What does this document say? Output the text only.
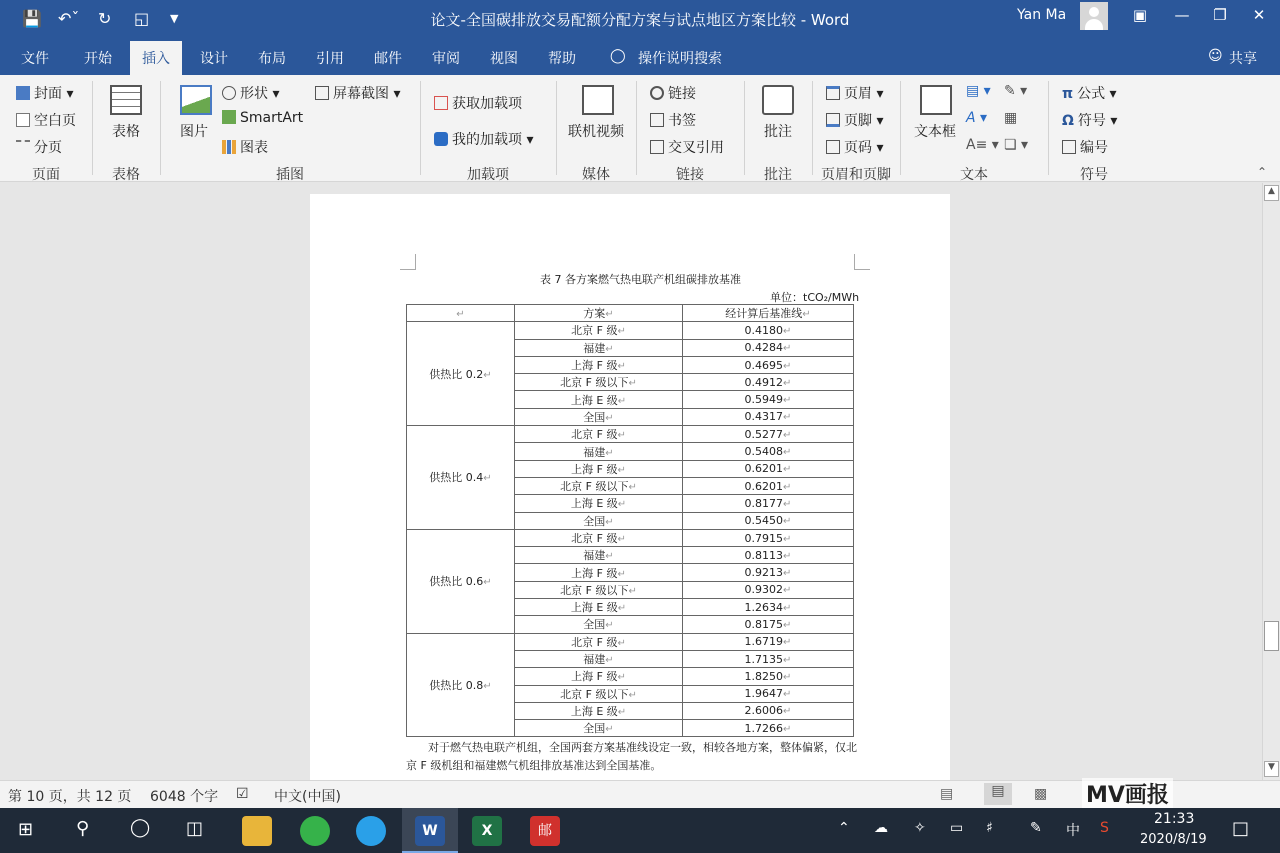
💾 ↶ˇ ↻ ◱ ▼	论文-全国碳排放交易配额分配方案与试点地区方案比较 - Word	Yan Ma	▣ — ❐ ✕
文件	开始	插入	设计 布局 引用 邮件 审阅 视图 帮助 ◯ 操作说明搜索	☺ 共享
封面 ▾
空白页
分页
页面
表格
表格
图片
形状 ▾
SmartArt
图表
屏幕截图 ▾
插图
获取加载项
我的加载项 ▾
加载项
联机视频
媒体
链接
书签
交叉引用
链接
批注
批注
页眉 ▾
页脚 ▾
页码 ▾
页眉和页脚
文本框
▤ ▾
A ▾
A≡ ▾
✎ ▾
▦
❏ ▾
文本
π 公式 ▾
Ω 符号 ▾
编号
符号	⌃
▲
▼
表 7 各方案燃气热电联产机组碳排放基准
单位：tCO₂/MWh
↵	方案↵	经计算后基准线↵
供热比 0.2↵	北京 F 级↵	0.4180↵
	福建↵	0.4284↵
	上海 F 级↵	0.4695↵
	北京 F 级以下↵	0.4912↵
	上海 E 级↵	0.5949↵
	全国↵	0.4317↵
供热比 0.4↵	北京 F 级↵	0.5277↵
	福建↵	0.5408↵
	上海 F 级↵	0.6201↵
	北京 F 级以下↵	0.6201↵
	上海 E 级↵	0.8177↵
	全国↵	0.5450↵
供热比 0.6↵	北京 F 级↵	0.7915↵
	福建↵	0.8113↵
	上海 F 级↵	0.9213↵
	北京 F 级以下↵	0.9302↵
	上海 E 级↵	1.2634↵
	全国↵	0.8175↵
供热比 0.8↵	北京 F 级↵	1.6719↵
	福建↵	1.7135↵
	上海 F 级↵	1.8250↵
	北京 F 级以下↵	1.9647↵
	上海 E 级↵	2.6006↵
	全国↵	1.7266↵
对于燃气热电联产机组，全国两套方案基准线设定一致，相较各地方案，整体偏紧，仅北京 F 级机组和福建燃气机组排放基准达到全国基准。
第 10 页，共 12 页 6048 个字 ☑ 中文(中国)	▤	▤	▩ MV画报
⊞ ⚲ ◯ ◫	W	X	邮	⌃ ☁ ✧ ▭ ♯	✎ 中 S
21:33
2020/8/19
□
